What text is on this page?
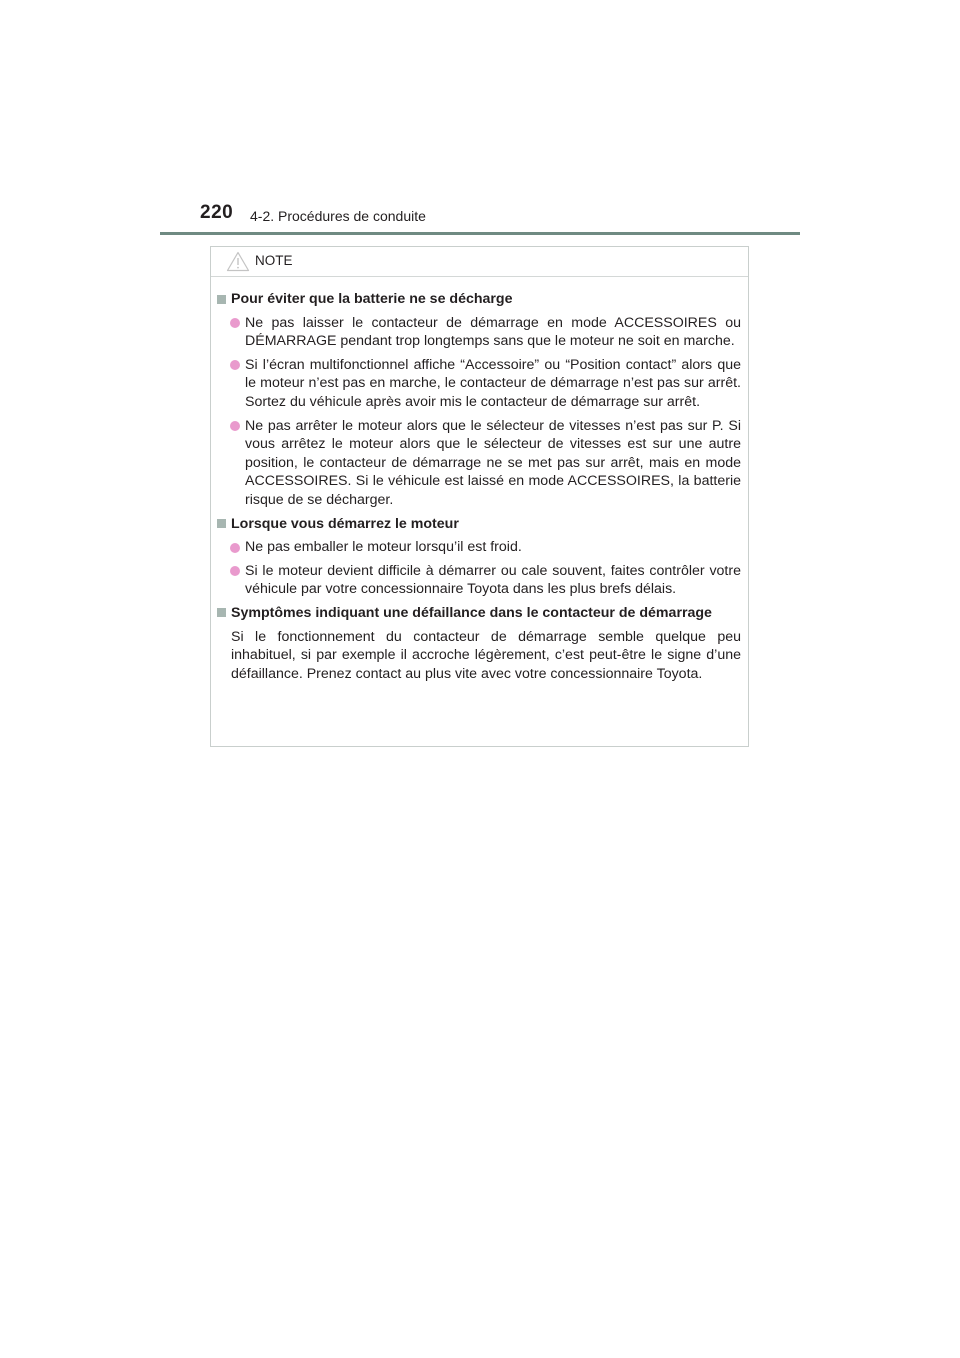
220 4-2. Procédures de conduite
NOTE
Pour éviter que la batterie ne se décharge
Ne pas laisser le contacteur de démarrage en mode ACCESSOIRES ou DÉMARRAGE pendant trop longtemps sans que le moteur ne soit en marche.
Si l’écran multifonctionnel affiche “Accessoire” ou “Position contact” alors que le moteur n’est pas en marche, le contacteur de démarrage n’est pas sur arrêt. Sortez du véhicule après avoir mis le contacteur de démarrage sur arrêt.
Ne pas arrêter le moteur alors que le sélecteur de vitesses n’est pas sur P. Si vous arrêtez le moteur alors que le sélecteur de vitesses est sur une autre position, le contacteur de démarrage ne se met pas sur arrêt, mais en mode ACCESSOIRES. Si le véhicule est laissé en mode ACCESSOIRES, la batterie risque de se décharger.
Lorsque vous démarrez le moteur
Ne pas emballer le moteur lorsqu’il est froid.
Si le moteur devient difficile à démarrer ou cale souvent, faites contrôler votre véhicule par votre concessionnaire Toyota dans les plus brefs délais.
Symptômes indiquant une défaillance dans le contacteur de démarrage
Si le fonctionnement du contacteur de démarrage semble quelque peu inhabituel, si par exemple il accroche légèrement, c’est peut-être le signe d’une défaillance. Prenez contact au plus vite avec votre concessionnaire Toyota.
